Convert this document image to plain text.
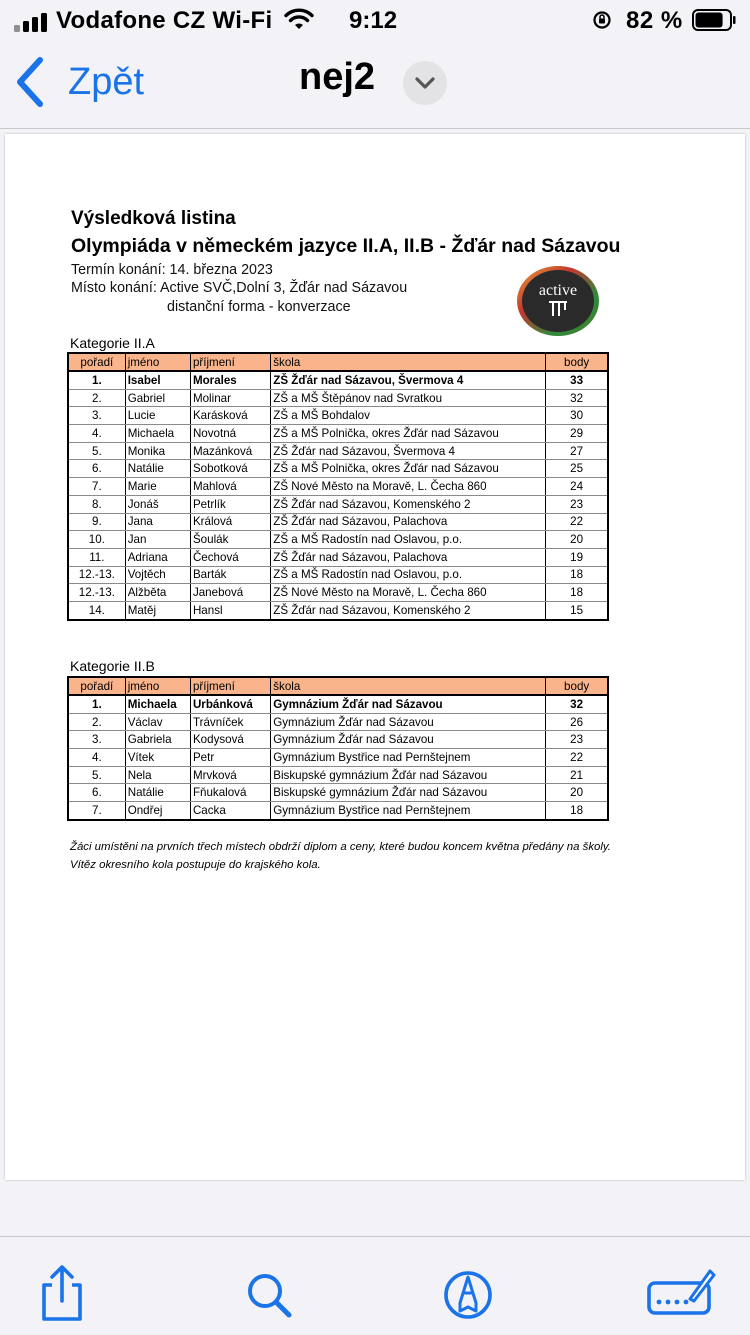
Vodafone CZ Wi-Fi	9:12	82 %
Zpět	nej2
Výsledková listina
Olympiáda v německém jazyce II.A, II.B - Žďár nad Sázavou
Termín konání: 14. března 2023
Místo konání: Active SVČ,Dolní 3, Žďár nad Sázavou
distanční forma - konverzace
active
Kategorie II.A
pořadí	jméno	příjmení	škola	body
1.	Isabel	Morales	ZŠ Žďár nad Sázavou, Švermova 4	33
2.	Gabriel	Molinar	ZŠ a MŠ Štěpánov nad Svratkou	32
3.	Lucie	Karásková	ZŠ a MŠ Bohdalov	30
4.	Michaela	Novotná	ZŠ a MŠ Polnička, okres Žďár nad Sázavou	29
5.	Monika	Mazánková	ZŠ Žďár nad Sázavou, Švermova 4	27
6.	Natálie	Sobotková	ZŠ a MŠ Polnička, okres Žďár nad Sázavou	25
7.	Marie	Mahlová	ZŠ Nové Město na Moravě, L. Čecha 860	24
8.	Jonáš	Petrlík	ZŠ Žďár nad Sázavou, Komenského 2	23
9.	Jana	Králová	ZŠ Žďár nad Sázavou, Palachova	22
10.	Jan	Šoulák	ZŠ a MŠ Radostín nad Oslavou, p.o.	20
11.	Adriana	Čechová	ZŠ Žďár nad Sázavou, Palachova	19
12.-13.	Vojtěch	Barták	ZŠ a MŠ Radostín nad Oslavou, p.o.	18
12.-13.	Alžběta	Janebová	ZŠ Nové Město na Moravě, L. Čecha 860	18
14.	Matěj	Hansl	ZŠ Žďár nad Sázavou, Komenského 2	15
Kategorie II.B
pořadí	jméno	příjmení	škola	body
1.	Michaela	Urbánková	Gymnázium Žďár nad Sázavou	32
2.	Václav	Trávníček	Gymnázium Žďár nad Sázavou	26
3.	Gabriela	Kodysová	Gymnázium Žďár nad Sázavou	23
4.	Vítek	Petr	Gymnázium Bystřice nad Pernštejnem	22
5.	Nela	Mrvková	Biskupské gymnázium Žďár nad Sázavou	21
6.	Natálie	Fňukalová	Biskupské gymnázium Žďár nad Sázavou	20
7.	Ondřej	Cacka	Gymnázium Bystřice nad Pernštejnem	18
Žáci umístěni na prvních třech místech obdrží diplom a ceny, které budou koncem května předány na školy.
Vítěz okresního kola postupuje do krajského kola.
